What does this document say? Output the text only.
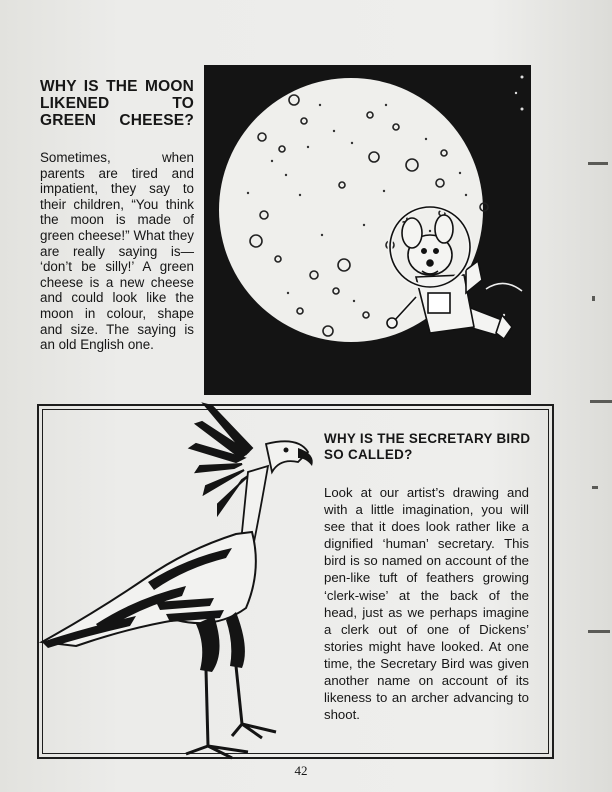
WHY IS THE MOON LIKENED TO GREEN CHEESE?
Sometimes, when parents are tired and impatient, they say to their children, “You think the moon is made of green cheese!” What they are really saying is— ‘don’t be silly!’ A green cheese is a new cheese and could look like the moon in colour, shape and size. The saying is an old English one.
WHY IS THE SECRETARY BIRD SO CALLED?
Look at our artist’s drawing and with a little imagination, you will see that it does look rather like a dignified ‘human’ secretary. This bird is so named on account of the pen-like tuft of feathers growing ‘clerk-wise’ at the back of the head, just as we perhaps imagine a clerk out of one of Dickens’ stories might have looked. At one time, the Secretary Bird was given another name on account of its likeness to an archer advancing to shoot.
42
